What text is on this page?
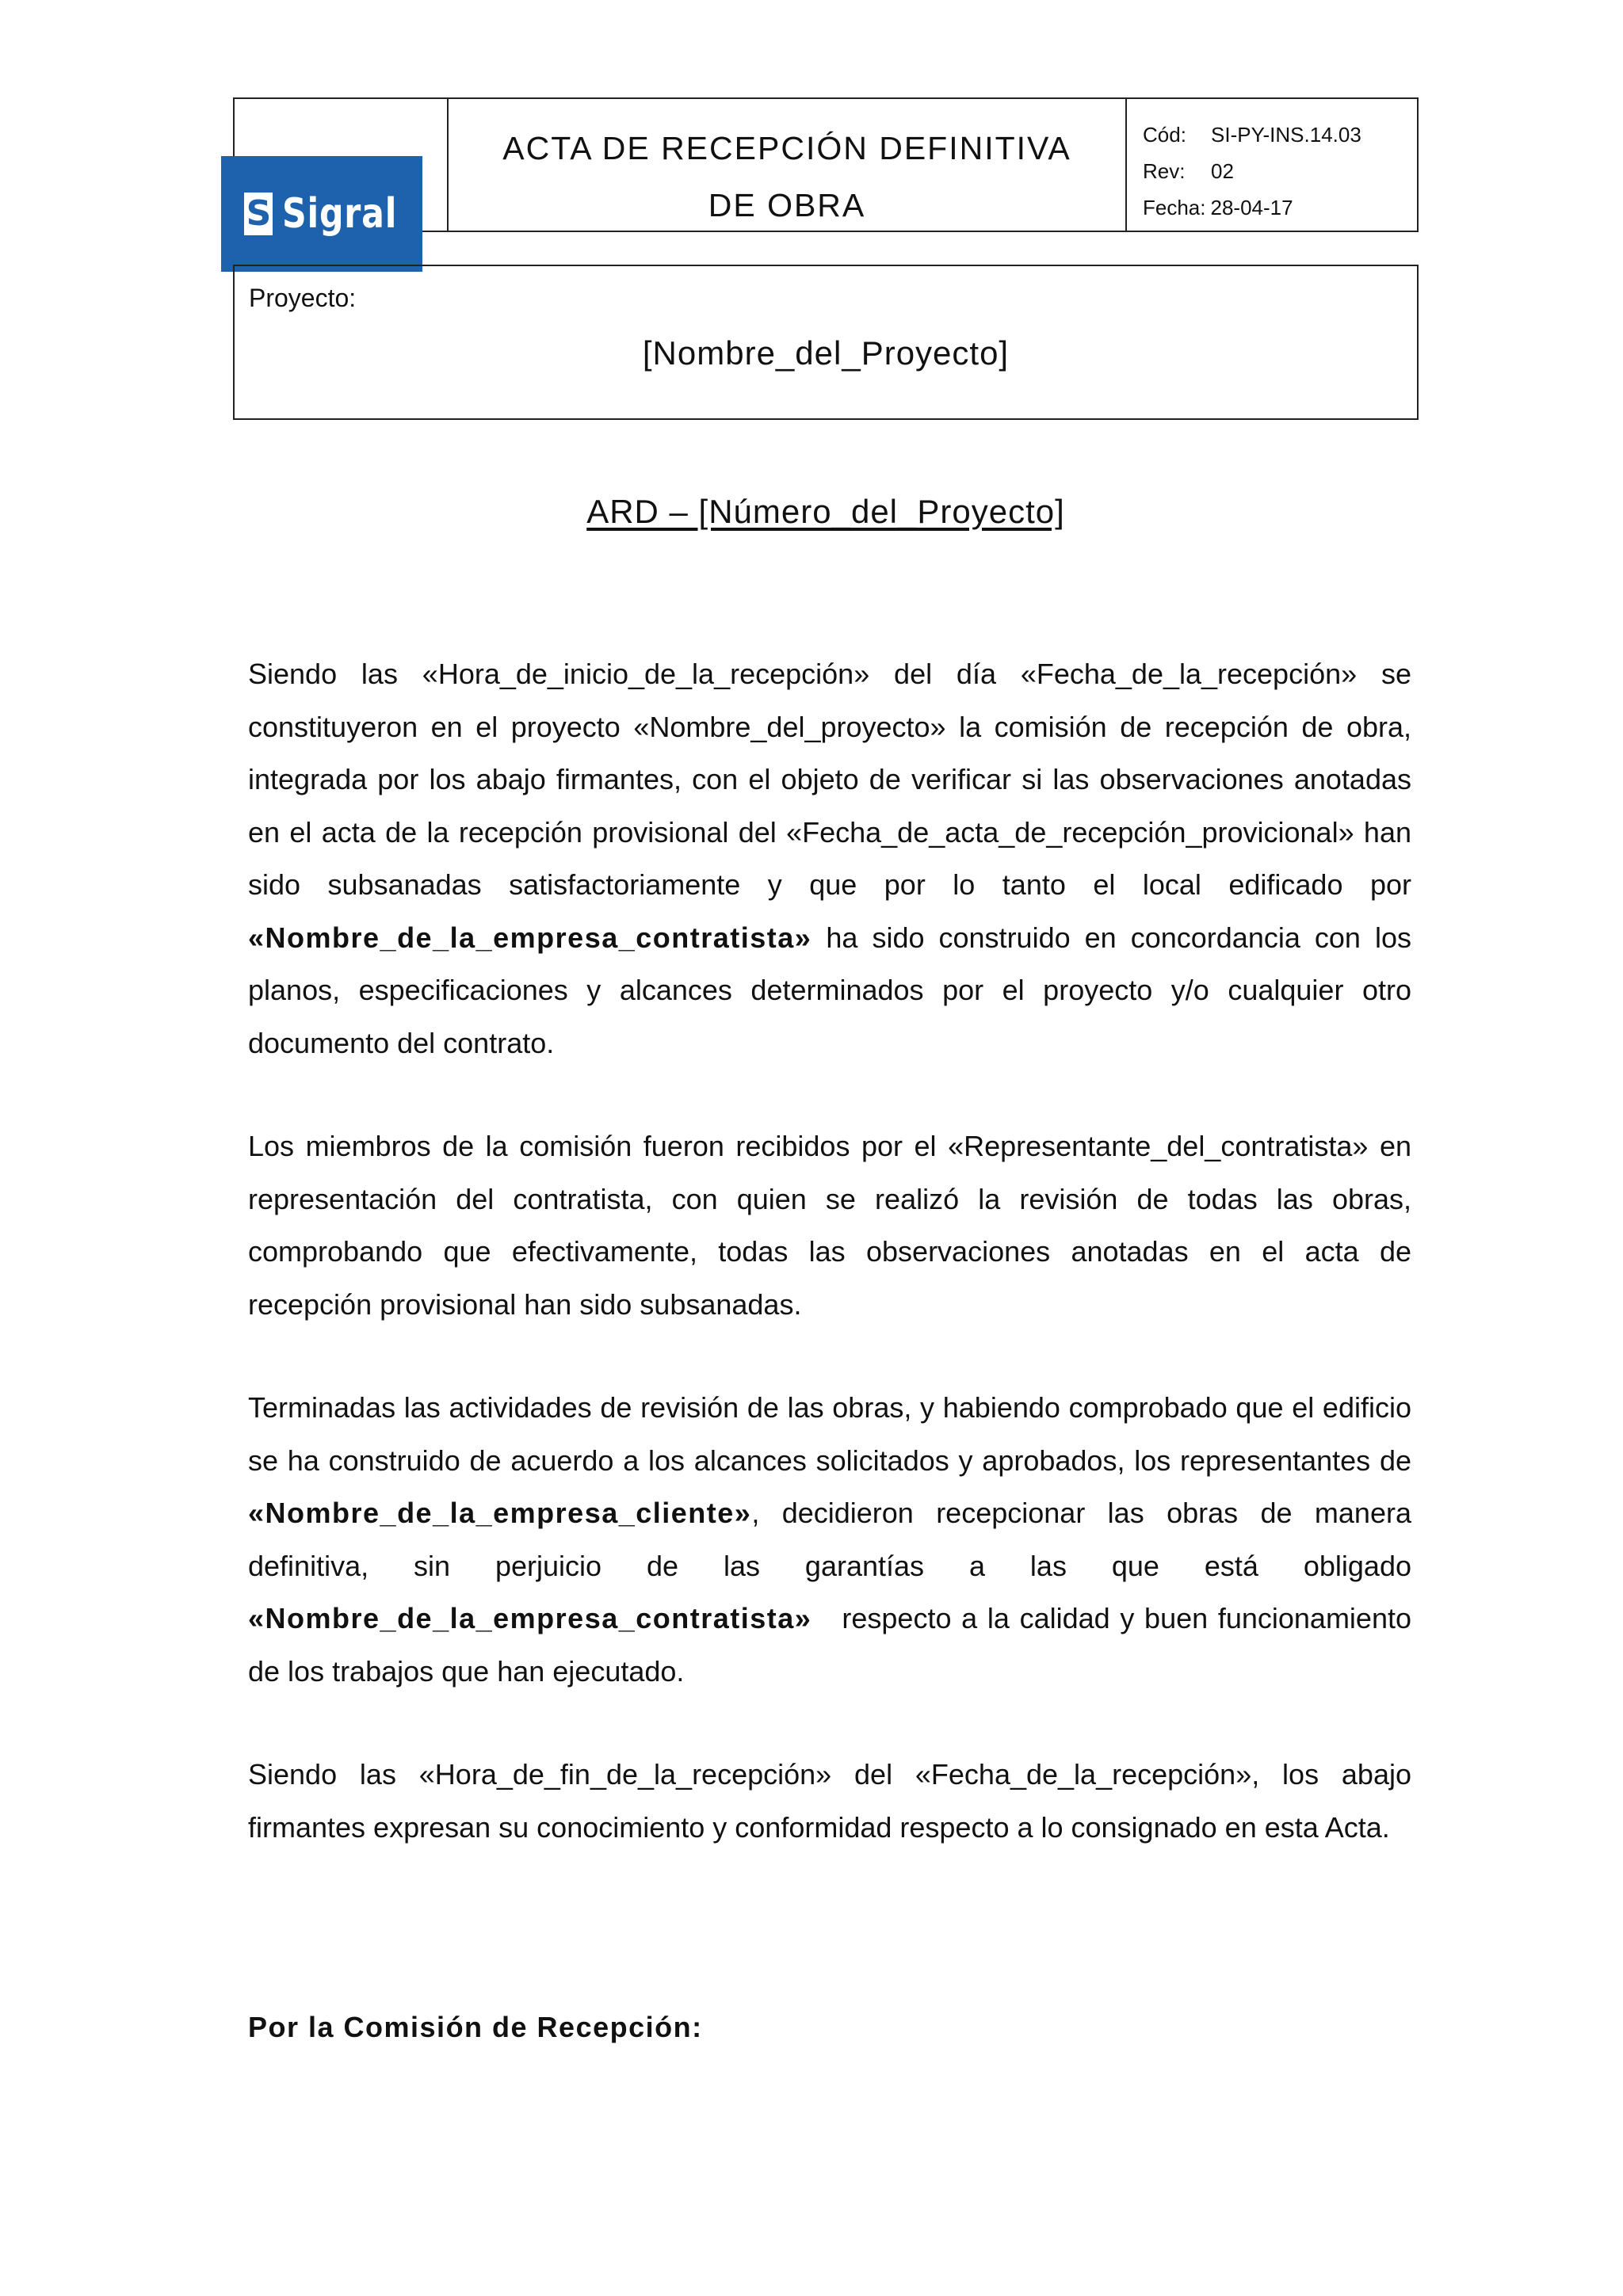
ACTA DE RECEPCIÓN DEFINITIVA
DE OBRA
Cód:	SI-PY-INS.14.03
Rev:	02
Fecha: 28-04-17
S Sigral
Proyecto:
[Nombre_del_Proyecto]
ARD – [Número_del_Proyecto]

Siendo las «Hora_de_inicio_de_la_recepción» del día «Fecha_de_la_recepción» se constituyeron en el proyecto «Nombre_del_proyecto» la comisión de recepción de obra, integrada por los abajo firmantes, con el objeto de verificar si las observaciones anotadas en el acta de la recepción provisional del «Fecha_de_acta_de_recepción_provicional» han sido subsanadas satisfactoriamente y que por lo tanto el local edificado por «Nombre_de_la_empresa_contratista» ha sido construido en concordancia con los planos, especificaciones y alcances determinados por el proyecto y/o cualquier otro documento del contrato.

Los miembros de la comisión fueron recibidos por el «Representante_del_contratista» en representación del contratista, con quien se realizó la revisión de todas las obras, comprobando que efectivamente, todas las observaciones anotadas en el acta de recepción provisional han sido subsanadas.

Terminadas las actividades de revisión de las obras, y habiendo comprobado que el edificio se ha construido de acuerdo a los alcances solicitados y aprobados, los representantes de «Nombre_de_la_empresa_cliente», decidieron recepcionar las obras de manera definitiva, sin perjuicio de las garantías a las que está obligado «Nombre_de_la_empresa_contratista»   respecto a la calidad y buen funcionamiento de los trabajos que han ejecutado.

Siendo las «Hora_de_fin_de_la_recepción» del «Fecha_de_la_recepción», los abajo firmantes expresan su conocimiento y conformidad respecto a lo consignado en esta Acta.

Por la Comisión de Recepción:
